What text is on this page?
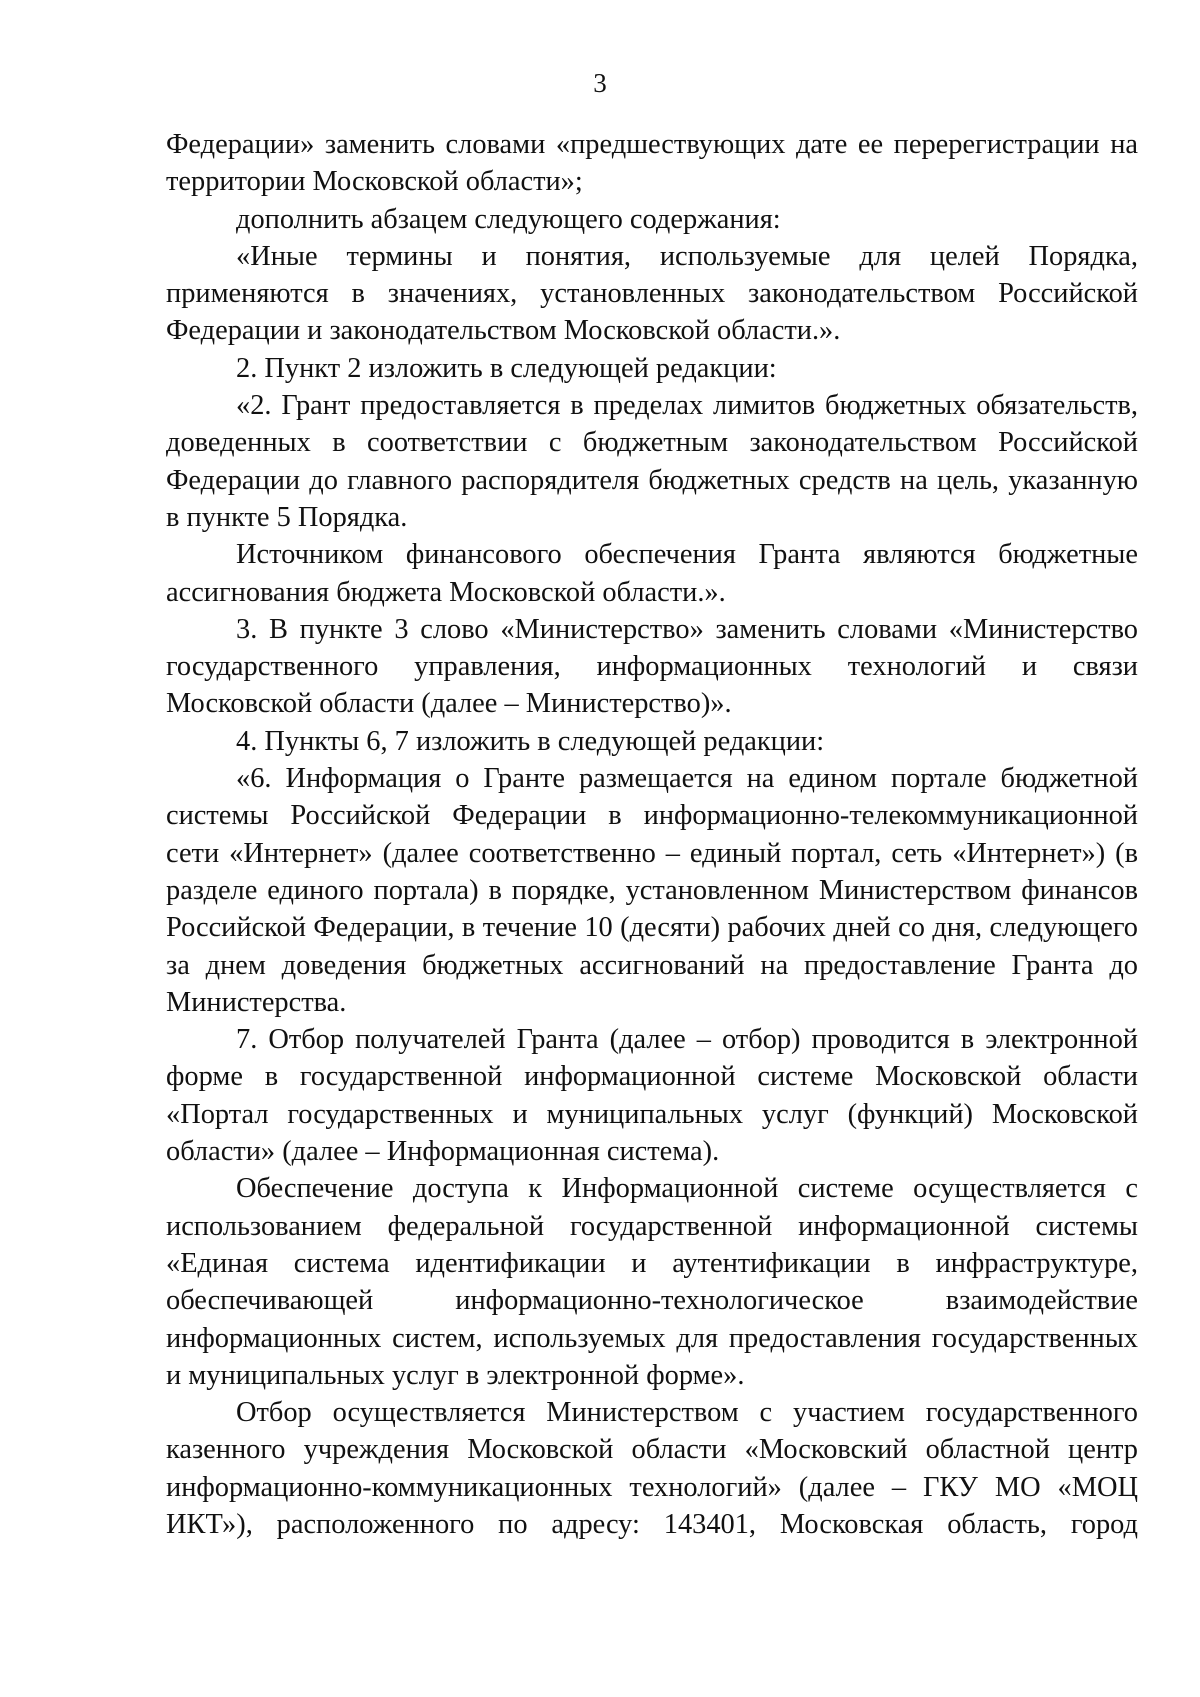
3

Федерации» заменить словами «предшествующих дате ее перерегистрации на территории Московской области»;

дополнить абзацем следующего содержания:

«Иные термины и понятия, используемые для целей Порядка, применяются в значениях, установленных законодательством Российской Федерации и законодательством Московской области.».

2. Пункт 2 изложить в следующей редакции:

«2. Грант предоставляется в пределах лимитов бюджетных обязательств, доведенных в соответствии с бюджетным законодательством Российской Федерации до главного распорядителя бюджетных средств на цель, указанную в пункте 5 Порядка.

Источником финансового обеспечения Гранта являются бюджетные ассигнования бюджета Московской области.».

3. В пункте 3 слово «Министерство» заменить словами «Министерство государственного управления, информационных технологий и связи Московской области (далее – Министерство)».

4. Пункты 6, 7 изложить в следующей редакции:

«6. Информация о Гранте размещается на едином портале бюджетной системы Российской Федерации в информационно-телекоммуникационной сети «Интернет» (далее соответственно – единый портал, сеть «Интернет») (в разделе единого портала) в порядке, установленном Министерством финансов Российской Федерации, в течение 10 (десяти) рабочих дней со дня, следующего за днем доведения бюджетных ассигнований на предоставление Гранта до Министерства.

7. Отбор получателей Гранта (далее – отбор) проводится в электронной форме в государственной информационной системе Московской области «Портал государственных и муниципальных услуг (функций) Московской области» (далее – Информационная система).

Обеспечение доступа к Информационной системе осуществляется с использованием федеральной государственной информационной системы «Единая система идентификации и аутентификации в инфраструктуре, обеспечивающей информационно-технологическое взаимодействие информационных систем, используемых для предоставления государственных и муниципальных услуг в электронной форме».

Отбор осуществляется Министерством с участием государственного казенного учреждения Московской области «Московский областной центр информационно-коммуникационных технологий» (далее – ГКУ МО «МОЦ ИКТ»), расположенного по адресу: 143401, Московская область, город
